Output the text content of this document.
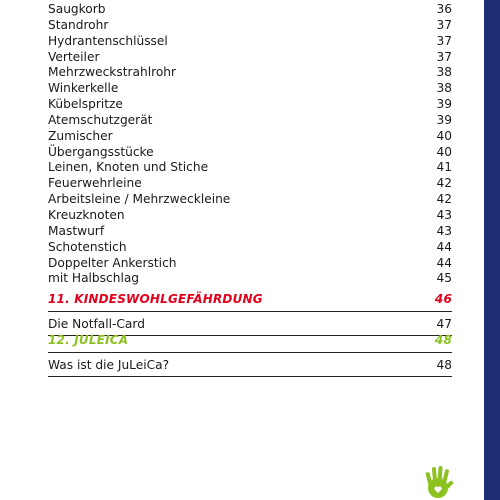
Saugkorb	36
Standrohr	37
Hydrantenschlüssel	37
Verteiler	37
Mehrzweckstrahlrohr	38
Winkerkelle	38
Kübelspritze	39
Atemschutzgerät	39
Zumischer	40
Übergangsstücke	40
Leinen, Knoten und Stiche	41
Feuerwehrleine	42
Arbeitsleine / Mehrzweckleine	42
Kreuzknoten	43
Mastwurf	43
Schotenstich	44
Doppelter Ankerstich	44
mit Halbschlag	45
11. KINDESWOHLGEFÄHRDUNG	46
Die Notfall-Card	47
12. JULEICA	48
Was ist die JuLeiCa?	48
